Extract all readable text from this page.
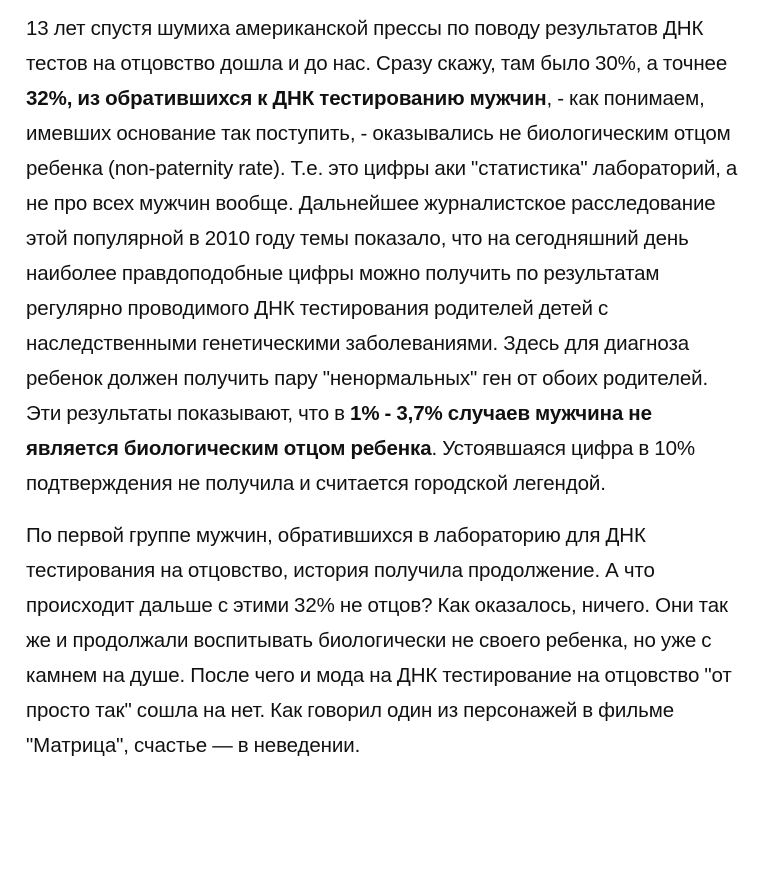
13 лет спустя шумиха американской прессы по поводу результатов ДНК тестов на отцовство дошла и до нас. Сразу скажу, там было 30%, а точнее 32%, из обратившихся к ДНК тестированию мужчин, - как понимаем, имевших основание так поступить, - оказывались не биологическим отцом ребенка (non-paternity rate). Т.е. это цифры аки "статистика" лабораторий, а не про всех мужчин вообще. Дальнейшее журналистское расследование этой популярной в 2010 году темы показало, что на сегодняшний день наиболее правдоподобные цифры можно получить по результатам регулярно проводимого ДНК тестирования родителей детей с наследственными генетическими заболеваниями. Здесь для диагноза ребенок должен получить пару "ненормальных" ген от обоих родителей. Эти результаты показывают, что в 1% - 3,7% случаев мужчина не является биологическим отцом ребенка. Устоявшаяся цифра в 10% подтверждения не получила и считается городской легендой.

По первой группе мужчин, обратившихся в лабораторию для ДНК тестирования на отцовство, история получила продолжение. А что происходит дальше с этими 32% не отцов? Как оказалось, ничего. Они так же и продолжали воспитывать биологически не своего ребенка, но уже с камнем на душе. После чего и мода на ДНК тестирование на отцовство "от просто так" сошла на нет. Как говорил один из персонажей в фильме "Матрица", счастье — в неведении.
